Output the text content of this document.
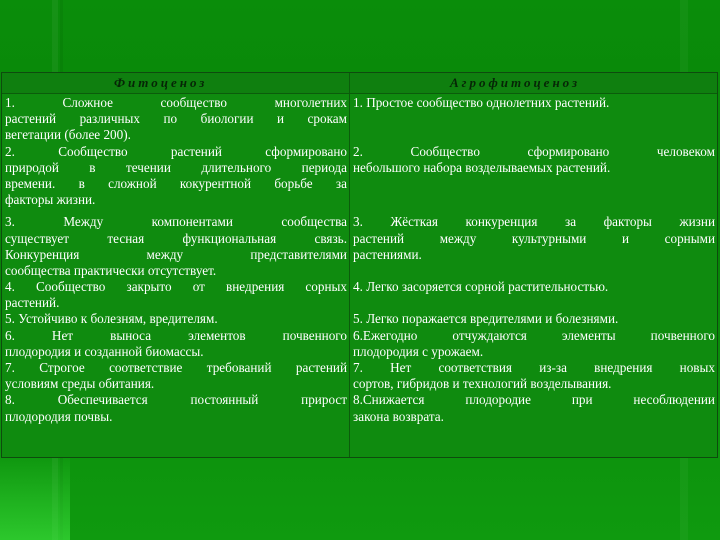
Фитоценоз	Агрофитоценоз
1. Сложное сообщество многолетних
растений различных по биологии и срокам
вегетации (более 200).
2. Сообщество растений сформировано
природой в течении длительного периода
времени. в сложной кокурентной борьбе за
факторы жизни.
3. Между компонентами сообщества
существует тесная функциональная связь.
Конкуренция между представителями
сообщества практически отсутствует.
4. Сообщество закрыто от внедрения сорных
растений.
5. Устойчиво к болезням, вредителям.
6. Нет выноса элементов почвенного
плодородия и созданной биомассы.
7. Строгое соответствие требований растений
условиям среды обитания.
8. Обеспечивается постоянный прирост
плодородия почвы.
1. Простое сообщество однолетних растений.
2. Сообщество сформировано человеком
небольшого набора возделываемых растений.
3. Жёсткая конкуренция за факторы жизни
растений между культурными и сорными
растениями.
4. Легко засоряется сорной растительностью.
5. Легко поражается вредителями и болезнями.
6.Ежегодно отчуждаются элементы почвенного
плодородия с урожаем.
7. Нет соответствия из-за внедрения новых
сортов, гибридов и технологий возделывания.
8.Снижается плодородие при несоблюдении
закона возврата.
